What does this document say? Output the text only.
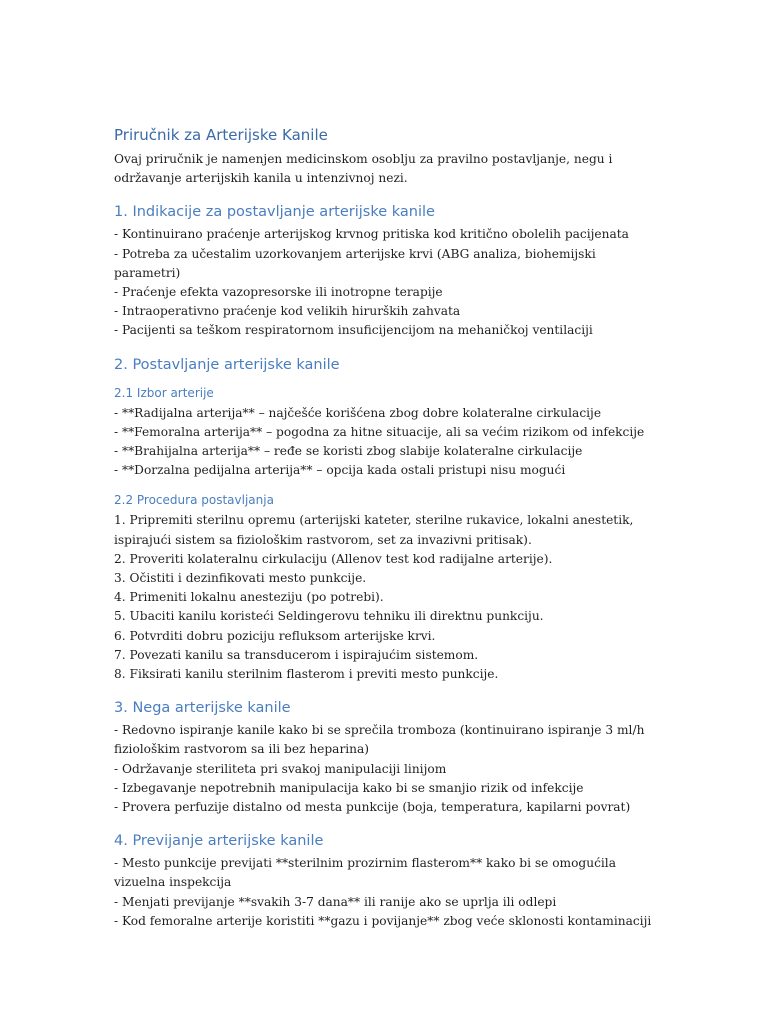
Priručnik za Arterijske Kanile

Ovaj priručnik je namenjen medicinskom osoblju za pravilno postavljanje, negu i održavanje arterijskih kanila u intenzivnoj nezi.

1. Indikacije za postavljanje arterijske kanile
- Kontinuirano praćenje arterijskog krvnog pritiska kod kritično obolelih pacijenata
- Potreba za učestalim uzorkovanjem arterijske krvi (ABG analiza, biohemijski parametri)
- Praćenje efekta vazopresorske ili inotropne terapije
- Intraoperativno praćenje kod velikih hirurških zahvata
- Pacijenti sa teškom respiratornom insuficijencijom na mehaničkoj ventilaciji
2. Postavljanje arterijske kanile
2.1 Izbor arterije
- **Radijalna arterija** – najčešće korišćena zbog dobre kolateralne cirkulacije
- **Femoralna arterija** – pogodna za hitne situacije, ali sa većim rizikom od infekcije
- **Brahijalna arterija** – ređe se koristi zbog slabije kolateralne cirkulacije
- **Dorzalna pedijalna arterija** – opcija kada ostali pristupi nisu mogući
2.2 Procedura postavljanja
1. Pripremiti sterilnu opremu (arterijski kateter, sterilne rukavice, lokalni anestetik, ispirajući sistem sa fiziološkim rastvorom, set za invazivni pritisak).
2. Proveriti kolateralnu cirkulaciju (Allenov test kod radijalne arterije).
3. Očistiti i dezinfikovati mesto punkcije.
4. Primeniti lokalnu anesteziju (po potrebi).
5. Ubaciti kanilu koristeći Seldingerovu tehniku ili direktnu punkciju.
6. Potvrditi dobru poziciju refluksom arterijske krvi.
7. Povezati kanilu sa transducerom i ispirajućim sistemom.
8. Fiksirati kanilu sterilnim flasterom i previti mesto punkcije.
3. Nega arterijske kanile
- Redovno ispiranje kanile kako bi se sprečila tromboza (kontinuirano ispiranje 3 ml/h fiziološkim rastvorom sa ili bez heparina)
- Održavanje sterilitetа pri svakoj manipulaciji linijom
- Izbegavanje nepotrebnih manipulacija kako bi se smanjio rizik od infekcije
- Provera perfuzije distalno od mesta punkcije (boja, temperatura, kapilarni povrat)
4. Previjanje arterijske kanile
- Mesto punkcije previjati **sterilnim prozirnim flasterom** kako bi se omogućila vizuelna inspekcija
- Menjati previjanje **svakih 3-7 dana** ili ranije ako se uprlja ili odlepi
- Kod femoralne arterije koristiti **gazu i povijanje** zbog veće sklonosti kontaminaciji
